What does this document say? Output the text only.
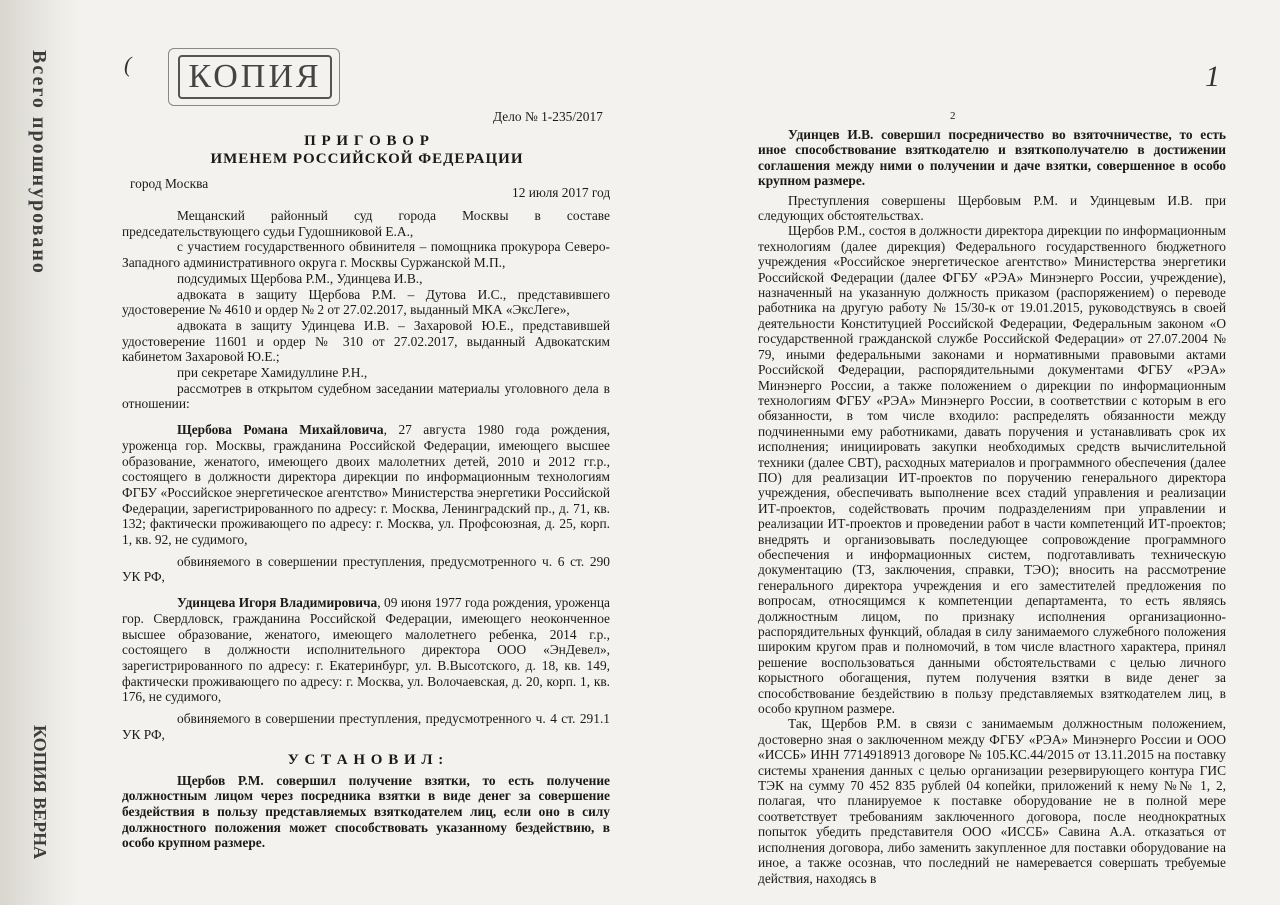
Всего прошнуровано
КОПИЯ ВЕРНА
КОПИЯ
(	1
Дело № 1-235/2017

П Р И Г О В О Р

ИМЕНЕМ РОССИЙСКОЙ ФЕДЕРАЦИИ

город Москва
12 июля 2017 год

Мещанский районный суд города Москвы в составе председательствующего судьи Гудошниковой Е.А.,

с участием государственного обвинителя – помощника прокурора Северо-Западного административного округа г. Москвы Суржанской М.П.,

подсудимых Щербова Р.М., Удинцева И.В.,

адвоката в защиту Щербова Р.М. – Дутова И.С., представившего удостоверение № 4610 и ордер № 2 от 27.02.2017, выданный МКА «ЭксЛеге»,

адвоката в защиту Удинцева И.В. – Захаровой Ю.Е., представившей удостоверение 11601 и ордер № 310 от 27.02.2017, выданный Адвокатским кабинетом Захаровой Ю.Е.;

при секретаре Хамидуллине Р.Н.,

рассмотрев в открытом судебном заседании материалы уголовного дела в отношении:

Щербова Романа Михайловича, 27 августа 1980 года рождения, уроженца гор. Москвы, гражданина Российской Федерации, имеющего высшее образование, женатого, имеющего двоих малолетних детей, 2010 и 2012 гг.р., состоящего в должности директора дирекции по информационным технологиям ФГБУ «Российское энергетическое агентство» Министерства энергетики Российской Федерации, зарегистрированного по адресу: г. Москва, Ленинградский пр., д. 71, кв. 132; фактически проживающего по адресу: г. Москва, ул. Профсоюзная, д. 25, корп. 1, кв. 92, не судимого,

обвиняемого в совершении преступления, предусмотренного ч. 6 ст. 290 УК РФ,

Удинцева Игоря Владимировича, 09 июня 1977 года рождения, уроженца гор. Свердловск, гражданина Российской Федерации, имеющего неоконченное высшее образование, женатого, имеющего малолетнего ребенка, 2014 г.р., состоящего в должности исполнительного директора ООО «ЭнДевел», зарегистрированного по адресу: г. Екатеринбург, ул. В.Высотского, д. 18, кв. 149, фактически проживающего по адресу: г. Москва, ул. Волочаевская, д. 20, корп. 1, кв. 176, не судимого,

обвиняемого в совершении преступления, предусмотренного ч. 4 ст. 291.1 УК РФ,

У С Т А Н О В И Л :

Щербов Р.М. совершил получение взятки, то есть получение должностным лицом через посредника взятки в виде денег за совершение бездействия в пользу представляемых взяткодателем лиц, если оно в силу должностного положения может способствовать указанному бездействию, в особо крупном размере.

2

Удинцев И.В. совершил посредничество во взяточничестве, то есть иное способствование взяткодателю и взяткополучателю в достижении соглашения между ними о получении и даче взятки, совершенное в особо крупном размере.

Преступления совершены Щербовым Р.М. и Удинцевым И.В. при следующих обстоятельствах.

Щербов Р.М., состоя в должности директора дирекции по информационным технологиям (далее дирекция) Федерального государственного бюджетного учреждения «Российское энергетическое агентство» Министерства энергетики Российской Федерации (далее ФГБУ «РЭА» Минэнерго России, учреждение), назначенный на указанную должность приказом (распоряжением) о переводе работника на другую работу № 15/30-к от 19.01.2015, руководствуясь в своей деятельности Конституцией Российской Федерации, Федеральным законом «О государственной гражданской службе Российской Федерации» от 27.07.2004 № 79, иными федеральными законами и нормативными правовыми актами Российской Федерации, распорядительными документами ФГБУ «РЭА» Минэнерго России, а также положением о дирекции по информационным технологиям ФГБУ «РЭА» Минэнерго России, в соответствии с которым в его обязанности, в том числе входило: распределять обязанности между подчиненными ему работниками, давать поручения и устанавливать срок их исполнения; инициировать закупки необходимых средств вычислительной техники (далее СВТ), расходных материалов и программного обеспечения (далее ПО) для реализации ИТ-проектов по поручению генерального директора учреждения, обеспечивать выполнение всех стадий управления и реализации ИТ-проектов, содействовать прочим подразделениям при управлении и реализации ИТ-проектов и проведении работ в части компетенций ИТ-проектов; внедрять и организовывать последующее сопровождение программного обеспечения и информационных систем, подготавливать техническую документацию (ТЗ, заключения, справки, ТЭО); вносить на рассмотрение генерального директора учреждения и его заместителей предложения по вопросам, относящимся к компетенции департамента, то есть являясь должностным лицом, по признаку исполнения организационно-распорядительных функций, обладая в силу занимаемого служебного положения широким кругом прав и полномочий, в том числе властного характера, принял решение воспользоваться данными обстоятельствами с целью личного корыстного обогащения, путем получения взятки в виде денег за способствование бездействию в пользу представляемых взяткодателем лиц, в особо крупном размере.

Так, Щербов Р.М. в связи с занимаемым должностным положением, достоверно зная о заключенном между ФГБУ «РЭА» Минэнерго России и ООО «ИССБ» ИНН 7714918913 договоре № 105.КС.44/2015 от 13.11.2015 на поставку системы хранения данных с целью организации резервирующего контура ГИС ТЭК на сумму 70 452 835 рублей 04 копейки, приложений к нему №№ 1, 2, полагая, что планируемое к поставке оборудование не в полной мере соответствует требованиям заключенного договора, после неоднократных попыток убедить представителя ООО «ИССБ» Савина А.А. отказаться от исполнения договора, либо заменить закупленное для поставки оборудование на иное, а также осознав, что последний не намеревается совершать требуемые действия, находясь в
